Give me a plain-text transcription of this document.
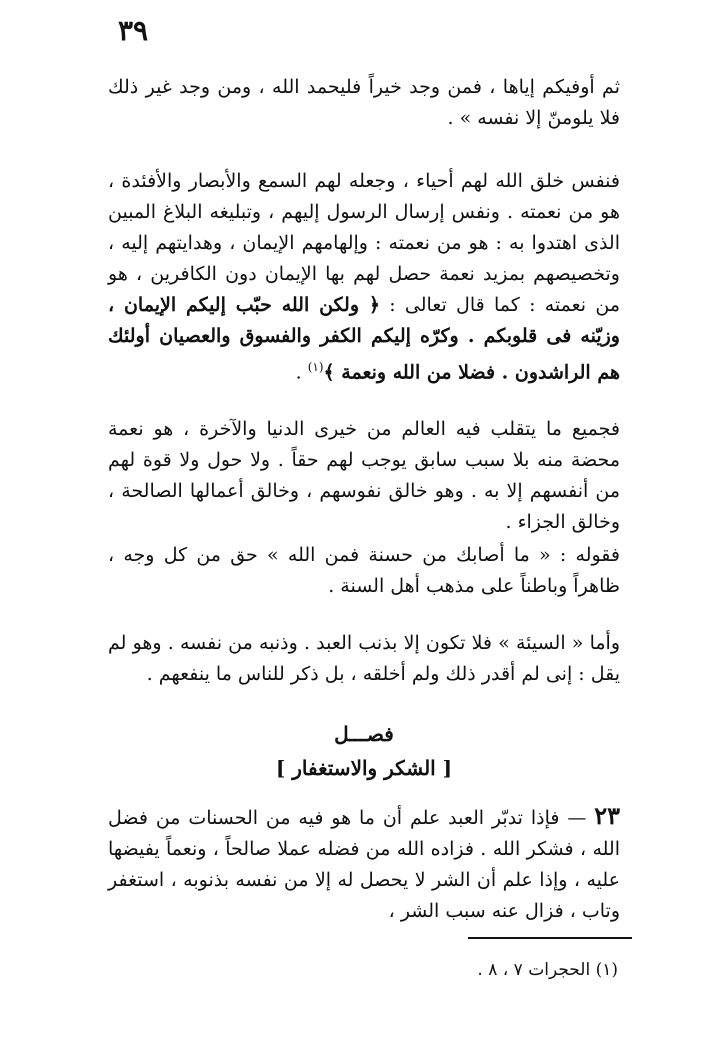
٣٩

ثم أوفيكم إياها ، فمن وجد خيراً فليحمد الله ، ومن وجد غير ذلك فلا يلومنّ إلا نفسه » .

فنفس خلق الله لهم أحياء ، وجعله لهم السمع والأبصار والأفئدة ، هو من نعمته . ونفس إرسال الرسول إليهم ، وتبليغه البلاغ المبين الذى اهتدوا به : هو من نعمته : وإلهامهم الإيمان ، وهدايتهم إليه ، وتخصيصهم بمزيد نعمة حصل لهم بها الإيمان دون الكافرين ، هو من نعمته : كما قال تعالى : ﴿ ولكن الله حبّب إليكم الإيمان ، وزيّنه فى قلوبكم . وكرّه إليكم الكفر والفسوق والعصيان أولئك هم الراشدون . فضلا من الله ونعمة ﴾$^{(١)}$ .

فجميع ما يتقلب فيه العالم من خيرى الدنيا والآخرة ، هو نعمة محضة منه بلا سبب سابق يوجب لهم حقاً . ولا حول ولا قوة لهم من أنفسهم إلا به . وهو خالق نفوسهم ، وخالق أعمالها الصالحة ، وخالق الجزاء .

فقوله : « ما أصابك من حسنة فمن الله » حق من كل وجه ، ظاهراً وباطناً على مذهب أهل السنة .

وأما « السيئة » فلا تكون إلا بذنب العبد . وذنبه من نفسه . وهو لم يقل : إنى لم أقدر ذلك ولم أخلقه ، بل ذكر للناس ما ينفعهم .

فصـــل
[ الشكر والاستغفار ]

٢٣ — فإذا تدبّر العبد علم أن ما هو فيه من الحسنات من فضل الله ، فشكر الله . فزاده الله من فضله عملا صالحاً ، ونعماً يفيضها عليه ، وإذا علم أن الشر لا يحصل له إلا من نفسه بذنوبه ، استغفر وتاب ، فزال عنه سبب الشر ،

(١) الحجرات ٧ ، ٨ .
